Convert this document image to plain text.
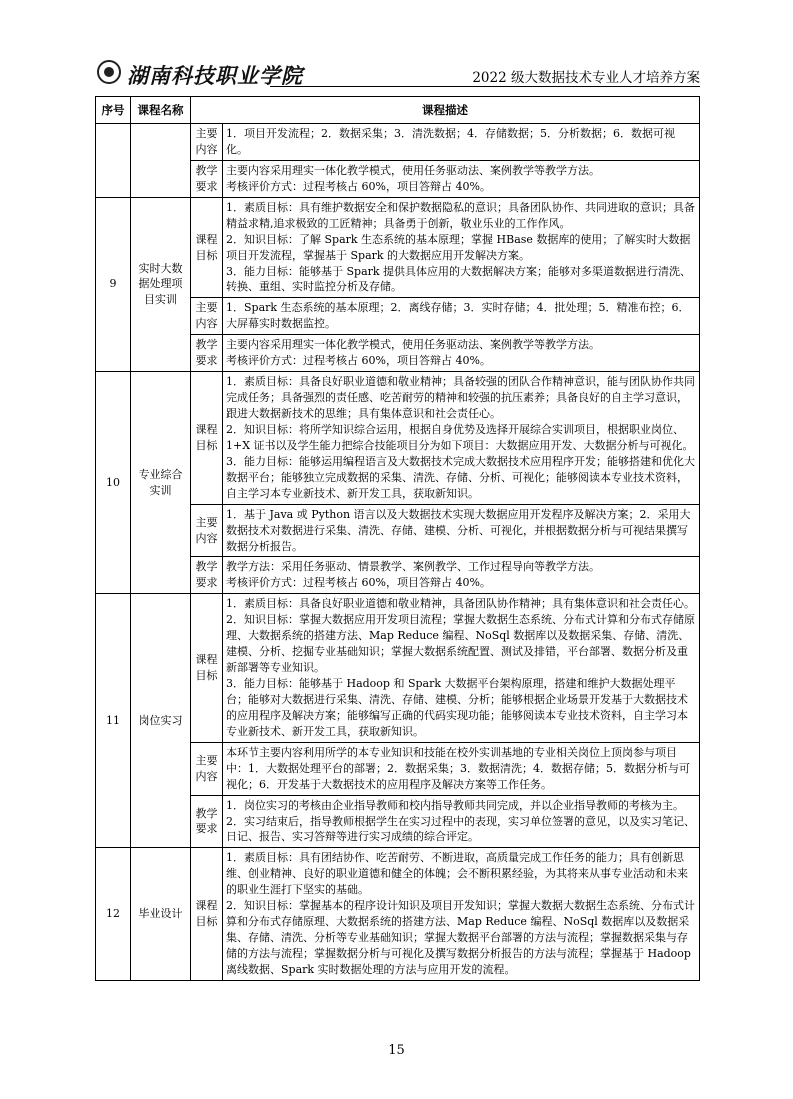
湖南科技职业学院	2022 级大数据技术专业人才培养方案
序号	课程名称	课程描述	
		主要内容	1．项目开发流程；2．数据采集；3．清洗数据；4．存储数据；5．分析数据；6．数据可视化。

		教学要求	主要内容采用理实一体化教学模式，使用任务驱动法、案例教学等教学方法。
考核评价方式：过程考核占 60%，项目答辩占 40%。

9	实时大数据处理项目实训	课程目标	1．素质目标：具有维护数据安全和保护数据隐私的意识；具备团队协作、共同进取的意识；具备精益求精,追求极致的工匠精神；具备勇于创新，敬业乐业的工作作风。
2．知识目标：了解 Spark 生态系统的基本原理；掌握 HBase 数据库的使用；了解实时大数据项目开发流程，掌握基于 Spark 的大数据应用开发解决方案。
3．能力目标：能够基于 Spark 提供具体应用的大数据解决方案；能够对多渠道数据进行清洗、转换、重组、实时监控分析及存储。

		主要内容	1．Spark 生态系统的基本原理；2．离线存储；3．实时存储；4．批处理；5．精准布控；6．大屏幕实时数据监控。

		教学要求	主要内容采用理实一体化教学模式，使用任务驱动法、案例教学等教学方法。
考核评价方式：过程考核占 60%，项目答辩占 40%。

10	专业综合实训	课程目标	1．素质目标：具备良好职业道德和敬业精神；具备较强的团队合作精神意识，能与团队协作共同完成任务；具备强烈的责任感、吃苦耐劳的精神和较强的抗压素养；具备良好的自主学习意识，跟进大数据新技术的思维；具有集体意识和社会责任心。
2．知识目标：将所学知识综合运用，根据自身优势及选择开展综合实训项目，根据职业岗位、1+X 证书以及学生能力把综合技能项目分为如下项目：大数据应用开发、大数据分析与可视化。
3．能力目标：能够运用编程语言及大数据技术完成大数据技术应用程序开发；能够搭建和优化大数据平台；能够独立完成数据的采集、清洗、存储、分析、可视化；能够阅读本专业技术资料，自主学习本专业新技术、新开发工具，获取新知识。

		主要内容	1．基于 Java 或 Python 语言以及大数据技术实现大数据应用开发程序及解决方案；2．采用大数据技术对数据进行采集、清洗、存储、建模、分析、可视化，并根据数据分析与可视结果撰写数据分析报告。

		教学要求	教学方法：采用任务驱动、情景教学、案例教学、工作过程导向等教学方法。
考核评价方式：过程考核占 60%，项目答辩占 40%。

11	岗位实习	课程目标	1．素质目标：具备良好职业道德和敬业精神，具备团队协作精神；具有集体意识和社会责任心。
2．知识目标：掌握大数据应用开发项目流程；掌握大数据生态系统、分布式计算和分布式存储原理、大数据系统的搭建方法、Map Reduce 编程、NoSql 数据库以及数据采集、存储、清洗、建模、分析、挖掘专业基础知识；掌握大数据系统配置、测试及排错，平台部署、数据分析及重新部署等专业知识。
3．能力目标：能够基于 Hadoop 和 Spark 大数据平台架构原理，搭建和维护大数据处理平台；能够对大数据进行采集、清洗、存储、建模、分析；能够根据企业场景开发基于大数据技术的应用程序及解决方案；能够编写正确的代码实现功能；能够阅读本专业技术资料，自主学习本专业新技术、新开发工具，获取新知识。

		主要内容	本环节主要内容利用所学的本专业知识和技能在校外实训基地的专业相关岗位上顶岗参与项目中：1．大数据处理平台的部署；2．数据采集；3．数据清洗；4．数据存储；5．数据分析与可视化；6．开发基于大数据技术的应用程序及解决方案等工作任务。

		教学要求	1．岗位实习的考核由企业指导教师和校内指导教师共同完成，并以企业指导教师的考核为主。
2．实习结束后，指导教师根据学生在实习过程中的表现，实习单位签署的意见，以及实习笔记、日记、报告、实习答辩等进行实习成绩的综合评定。

12	毕业设计	课程目标	1．素质目标：具有团结协作、吃苦耐劳、不断进取，高质量完成工作任务的能力；具有创新思维、创业精神、良好的职业道德和健全的体魄；会不断积累经验，为其将来从事专业活动和未来的职业生涯打下坚实的基础。
2．知识目标：掌握基本的程序设计知识及项目开发知识；掌握大数据大数据生态系统、分布式计算和分布式存储原理、大数据系统的搭建方法、Map Reduce 编程、NoSql 数据库以及数据采集、存储、清洗、分析等专业基础知识；掌握大数据平台部署的方法与流程；掌握数据采集与存储的方法与流程；掌握数据分析与可视化及撰写数据分析报告的方法与流程；掌握基于 Hadoop 离线数据、Spark 实时数据处理的方法与应用开发的流程。
15
